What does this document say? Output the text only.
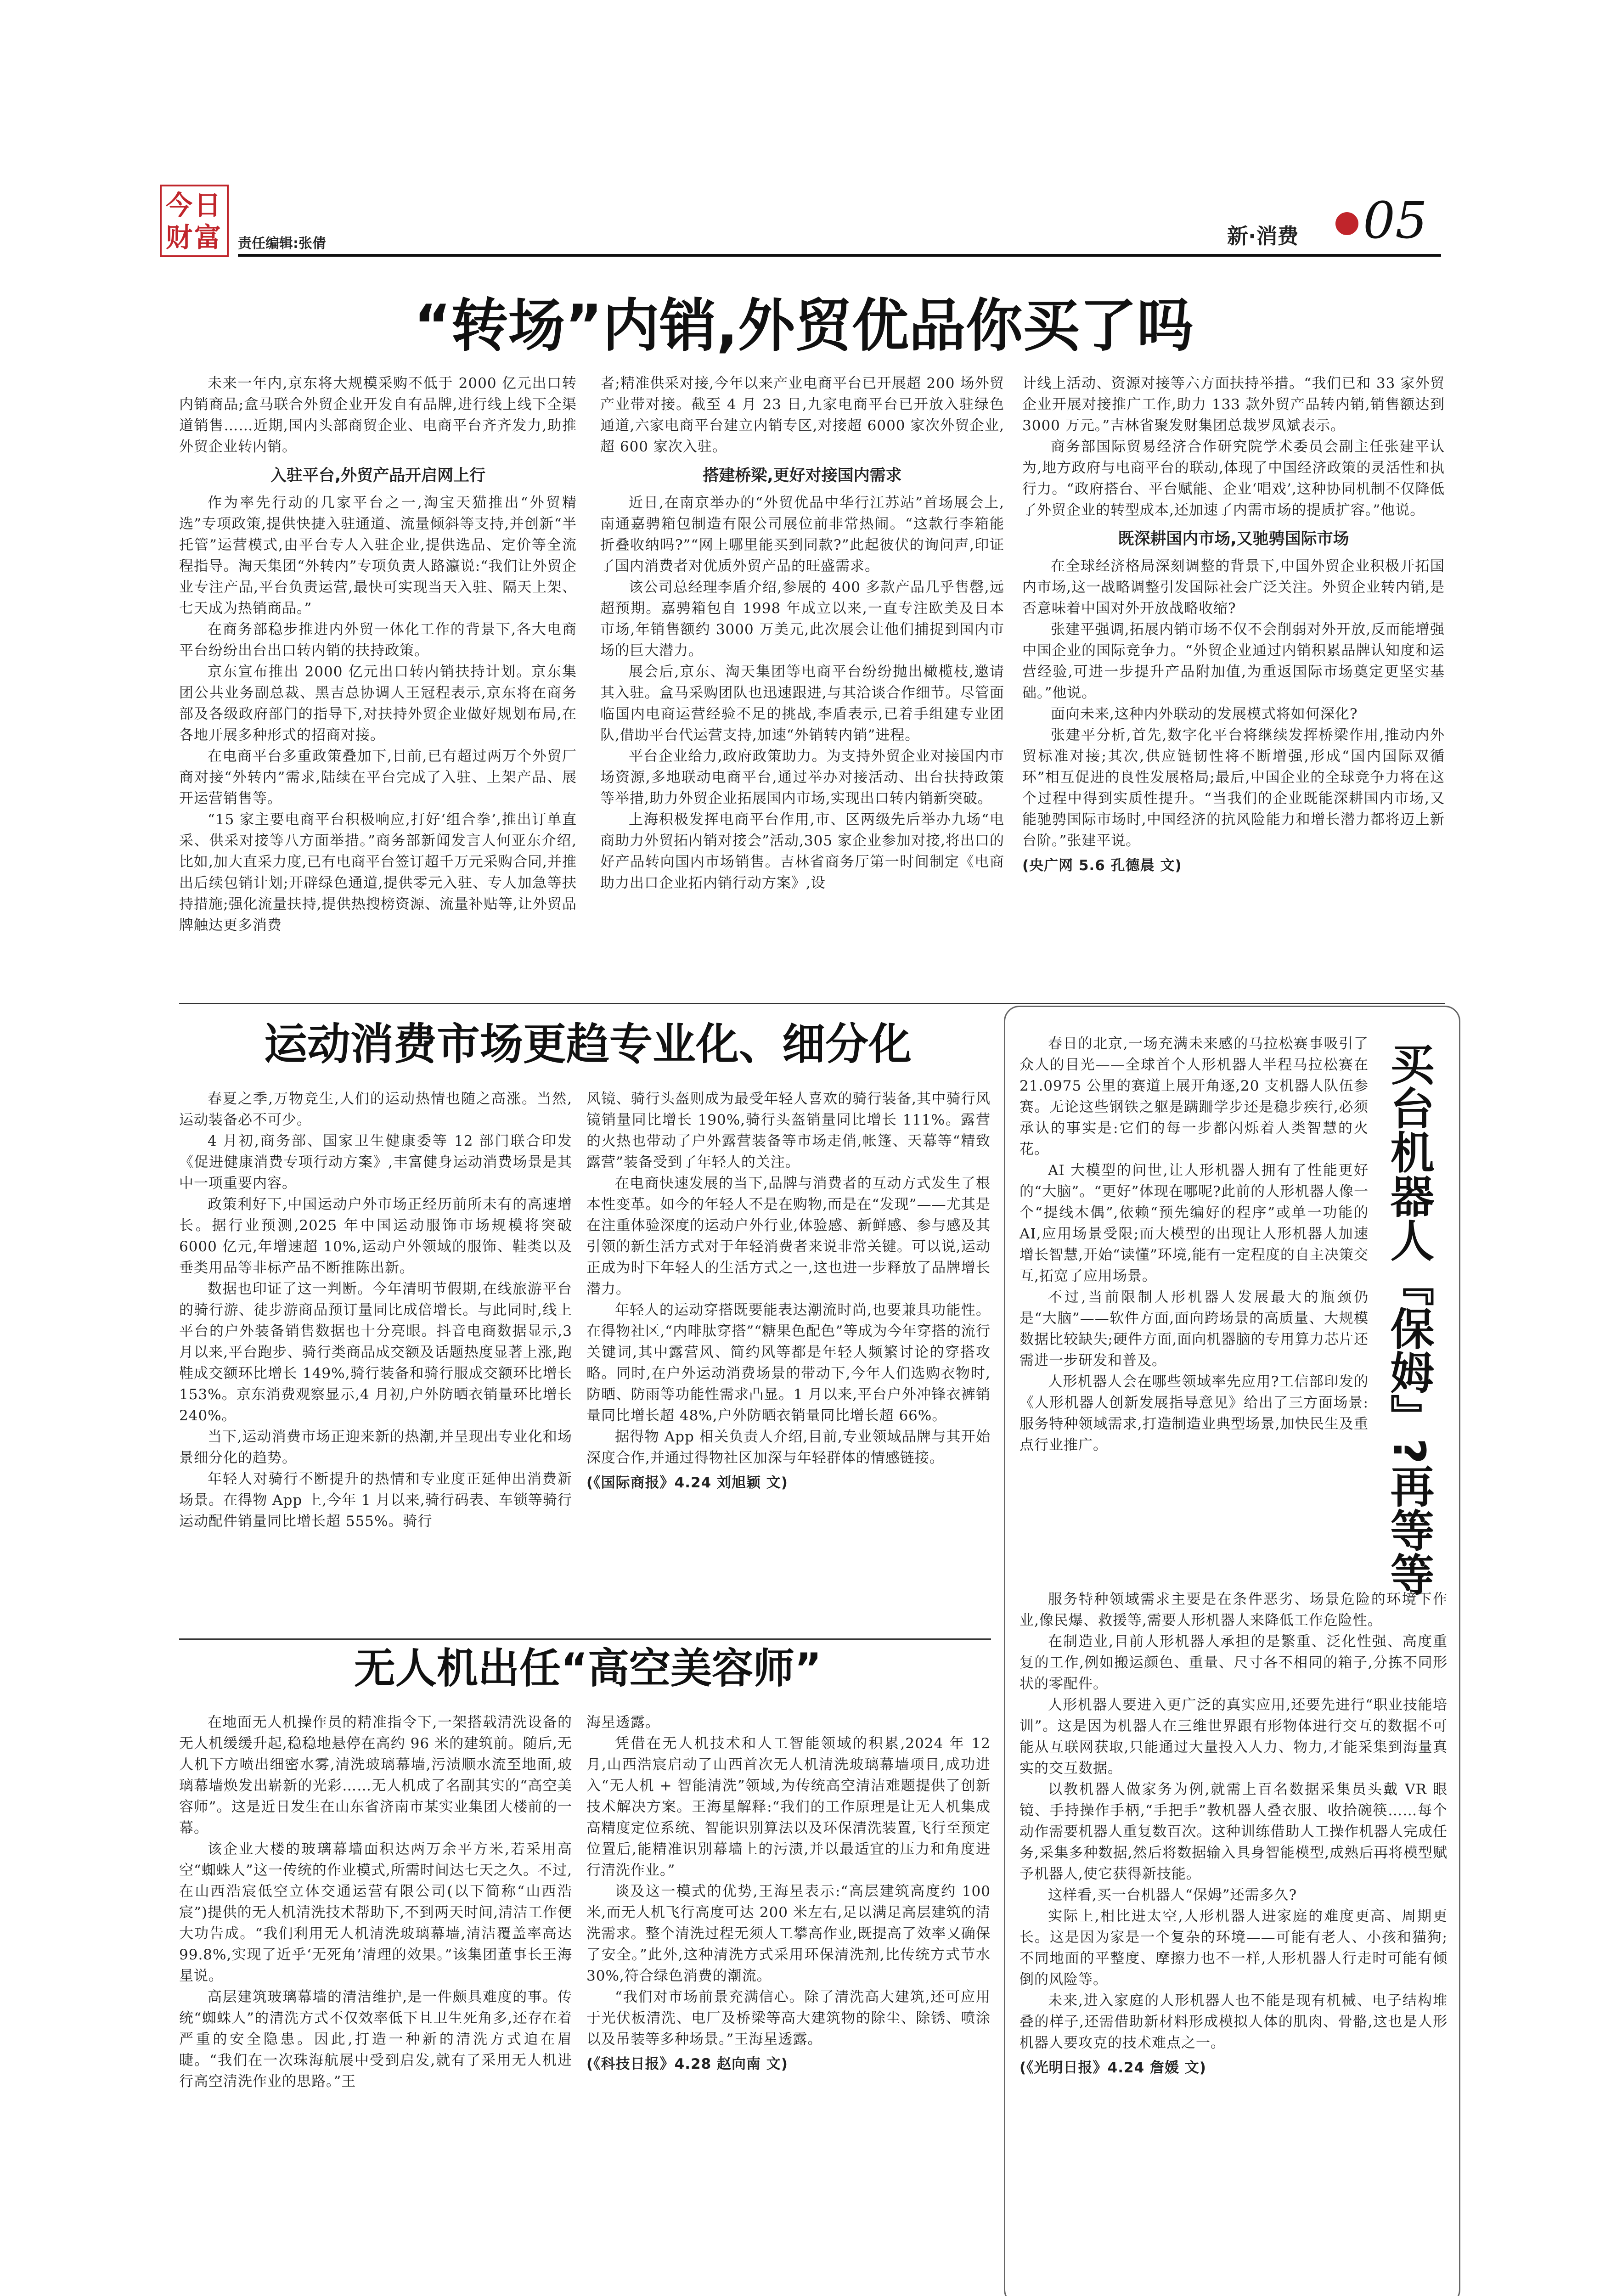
今日财富	责任编辑:张倩	新·消费 05
“转场”内销,外贸优品你买了吗

未来一年内,京东将大规模采购不低于 2000 亿元出口转内销商品;盒马联合外贸企业开发自有品牌,进行线上线下全渠道销售……近期,国内头部商贸企业、电商平台齐齐发力,助推外贸企业转内销。

入驻平台,外贸产品开启网上行

作为率先行动的几家平台之一,淘宝天猫推出“外贸精选”专项政策,提供快捷入驻通道、流量倾斜等支持,并创新“半托管”运营模式,由平台专人入驻企业,提供选品、定价等全流程指导。淘天集团“外转内”专项负责人路瀛说:“我们让外贸企业专注产品,平台负责运营,最快可实现当天入驻、隔天上架、七天成为热销商品。”

在商务部稳步推进内外贸一体化工作的背景下,各大电商平台纷纷出台出口转内销的扶持政策。

京东宣布推出 2000 亿元出口转内销扶持计划。京东集团公共业务副总裁、黑吉总协调人王冠程表示,京东将在商务部及各级政府部门的指导下,对扶持外贸企业做好规划布局,在各地开展多种形式的招商对接。

在电商平台多重政策叠加下,目前,已有超过两万个外贸厂商对接“外转内”需求,陆续在平台完成了入驻、上架产品、展开运营销售等。

“15 家主要电商平台积极响应,打好‘组合拳’,推出订单直采、供采对接等八方面举措。”商务部新闻发言人何亚东介绍,比如,加大直采力度,已有电商平台签订超千万元采购合同,并推出后续包销计划;开辟绿色通道,提供零元入驻、专人加急等扶持措施;强化流量扶持,提供热搜榜资源、流量补贴等,让外贸品牌触达更多消费

者;精准供采对接,今年以来产业电商平台已开展超 200 场外贸产业带对接。截至 4 月 23 日,九家电商平台已开放入驻绿色通道,六家电商平台建立内销专区,对接超 6000 家次外贸企业,超 600 家次入驻。

搭建桥梁,更好对接国内需求

近日,在南京举办的“外贸优品中华行江苏站”首场展会上,南通嘉骋箱包制造有限公司展位前非常热闹。“这款行李箱能折叠收纳吗?”“网上哪里能买到同款?”此起彼伏的询问声,印证了国内消费者对优质外贸产品的旺盛需求。

该公司总经理李盾介绍,参展的 400 多款产品几乎售罄,远超预期。嘉骋箱包自 1998 年成立以来,一直专注欧美及日本市场,年销售额约 3000 万美元,此次展会让他们捕捉到国内市场的巨大潜力。

展会后,京东、淘天集团等电商平台纷纷抛出橄榄枝,邀请其入驻。盒马采购团队也迅速跟进,与其洽谈合作细节。尽管面临国内电商运营经验不足的挑战,李盾表示,已着手组建专业团队,借助平台代运营支持,加速“外销转内销”进程。

平台企业给力,政府政策助力。为支持外贸企业对接国内市场资源,多地联动电商平台,通过举办对接活动、出台扶持政策等举措,助力外贸企业拓展国内市场,实现出口转内销新突破。

上海积极发挥电商平台作用,市、区两级先后举办九场“电商助力外贸拓内销对接会”活动,305 家企业参加对接,将出口的好产品转向国内市场销售。吉林省商务厅第一时间制定《电商助力出口企业拓内销行动方案》,设

计线上活动、资源对接等六方面扶持举措。“我们已和 33 家外贸企业开展对接推广工作,助力 133 款外贸产品转内销,销售额达到 3000 万元。”吉林省聚发财集团总裁罗凤斌表示。

商务部国际贸易经济合作研究院学术委员会副主任张建平认为,地方政府与电商平台的联动,体现了中国经济政策的灵活性和执行力。“政府搭台、平台赋能、企业‘唱戏’,这种协同机制不仅降低了外贸企业的转型成本,还加速了内需市场的提质扩容。”他说。

既深耕国内市场,又驰骋国际市场

在全球经济格局深刻调整的背景下,中国外贸企业积极开拓国内市场,这一战略调整引发国际社会广泛关注。外贸企业转内销,是否意味着中国对外开放战略收缩?

张建平强调,拓展内销市场不仅不会削弱对外开放,反而能增强中国企业的国际竞争力。“外贸企业通过内销积累品牌认知度和运营经验,可进一步提升产品附加值,为重返国际市场奠定更坚实基础。”他说。

面向未来,这种内外联动的发展模式将如何深化?

张建平分析,首先,数字化平台将继续发挥桥梁作用,推动内外贸标准对接;其次,供应链韧性将不断增强,形成“国内国际双循环”相互促进的良性发展格局;最后,中国企业的全球竞争力将在这个过程中得到实质性提升。“当我们的企业既能深耕国内市场,又能驰骋国际市场时,中国经济的抗风险能力和增长潜力都将迈上新台阶。”张建平说。

(央广网 5.6 孔德晨 文)

运动消费市场更趋专业化、细分化

春夏之季,万物竞生,人们的运动热情也随之高涨。当然,运动装备必不可少。

4 月初,商务部、国家卫生健康委等 12 部门联合印发《促进健康消费专项行动方案》,丰富健身运动消费场景是其中一项重要内容。

政策利好下,中国运动户外市场正经历前所未有的高速增长。据行业预测,2025 年中国运动服饰市场规模将突破 6000 亿元,年增速超 10%,运动户外领域的服饰、鞋类以及垂类用品等非标产品不断推陈出新。

数据也印证了这一判断。今年清明节假期,在线旅游平台的骑行游、徒步游商品预订量同比成倍增长。与此同时,线上平台的户外装备销售数据也十分亮眼。抖音电商数据显示,3 月以来,平台跑步、骑行类商品成交额及话题热度显著上涨,跑鞋成交额环比增长 149%,骑行装备和骑行服成交额环比增长 153%。京东消费观察显示,4 月初,户外防晒衣销量环比增长 240%。

当下,运动消费市场正迎来新的热潮,并呈现出专业化和场景细分化的趋势。

年轻人对骑行不断提升的热情和专业度正延伸出消费新场景。在得物 App 上,今年 1 月以来,骑行码表、车锁等骑行运动配件销量同比增长超 555%。骑行

风镜、骑行头盔则成为最受年轻人喜欢的骑行装备,其中骑行风镜销量同比增长 190%,骑行头盔销量同比增长 111%。露营的火热也带动了户外露营装备等市场走俏,帐篷、天幕等“精致露营”装备受到了年轻人的关注。

在电商快速发展的当下,品牌与消费者的互动方式发生了根本性变革。如今的年轻人不是在购物,而是在“发现”——尤其是在注重体验深度的运动户外行业,体验感、新鲜感、参与感及其引领的新生活方式对于年轻消费者来说非常关键。可以说,运动正成为时下年轻人的生活方式之一,这也进一步释放了品牌增长潜力。

年轻人的运动穿搭既要能表达潮流时尚,也要兼具功能性。在得物社区,“内啡肽穿搭”“糖果色配色”等成为今年穿搭的流行关键词,其中露营风、简约风等都是年轻人频繁讨论的穿搭攻略。同时,在户外运动消费场景的带动下,今年人们选购衣物时,防晒、防雨等功能性需求凸显。1 月以来,平台户外冲锋衣裤销量同比增长超 48%,户外防晒衣销量同比增长超 66%。

据得物 App 相关负责人介绍,目前,专业领域品牌与其开始深度合作,并通过得物社区加深与年轻群体的情感链接。

(《国际商报》4.24 刘旭颖 文)

无人机出任“高空美容师”

在地面无人机操作员的精准指令下,一架搭载清洗设备的无人机缓缓升起,稳稳地悬停在高约 96 米的建筑前。随后,无人机下方喷出细密水雾,清洗玻璃幕墙,污渍顺水流至地面,玻璃幕墙焕发出崭新的光彩……无人机成了名副其实的“高空美容师”。这是近日发生在山东省济南市某实业集团大楼前的一幕。

该企业大楼的玻璃幕墙面积达两万余平方米,若采用高空“蜘蛛人”这一传统的作业模式,所需时间达七天之久。不过,在山西浩宸低空立体交通运营有限公司(以下简称“山西浩宸”)提供的无人机清洗技术帮助下,不到两天时间,清洁工作便大功告成。“我们利用无人机清洗玻璃幕墙,清洁覆盖率高达 99.8%,实现了近乎‘无死角’清理的效果。”该集团董事长王海星说。

高层建筑玻璃幕墙的清洁维护,是一件颇具难度的事。传统“蜘蛛人”的清洗方式不仅效率低下且卫生死角多,还存在着严重的安全隐患。因此,打造一种新的清洗方式迫在眉睫。“我们在一次珠海航展中受到启发,就有了采用无人机进行高空清洗作业的思路。”王

海星透露。

凭借在无人机技术和人工智能领域的积累,2024 年 12 月,山西浩宸启动了山西首次无人机清洗玻璃幕墙项目,成功进入“无人机 + 智能清洗”领域,为传统高空清洁难题提供了创新技术解决方案。王海星解释:“我们的工作原理是让无人机集成高精度定位系统、智能识别算法以及环保清洗装置,飞行至预定位置后,能精准识别幕墙上的污渍,并以最适宜的压力和角度进行清洗作业。”

谈及这一模式的优势,王海星表示:“高层建筑高度约 100 米,而无人机飞行高度可达 200 米左右,足以满足高层建筑的清洗需求。整个清洗过程无须人工攀高作业,既提高了效率又确保了安全。”此外,这种清洗方式采用环保清洗剂,比传统方式节水 30%,符合绿色消费的潮流。

“我们对市场前景充满信心。除了清洗高大建筑,还可应用于光伏板清洗、电厂及桥梁等高大建筑物的除尘、除锈、喷涂以及吊装等多种场景。”王海星透露。

(《科技日报》4.28 赵向南 文)

春日的北京,一场充满未来感的马拉松赛事吸引了众人的目光——全球首个人形机器人半程马拉松赛在 21.0975 公里的赛道上展开角逐,20 支机器人队伍参赛。无论这些钢铁之躯是蹒跚学步还是稳步疾行,必须承认的事实是:它们的每一步都闪烁着人类智慧的火花。

AI 大模型的问世,让人形机器人拥有了性能更好的“大脑”。“更好”体现在哪呢?此前的人形机器人像一个“提线木偶”,依赖“预先编好的程序”或单一功能的 AI,应用场景受限;而大模型的出现让人形机器人加速增长智慧,开始“读懂”环境,能有一定程度的自主决策交互,拓宽了应用场景。

不过,当前限制人形机器人发展最大的瓶颈仍是“大脑”——软件方面,面向跨场景的高质量、大规模数据比较缺失;硬件方面,面向机器脑的专用算力芯片还需进一步研发和普及。

人形机器人会在哪些领域率先应用?工信部印发的《人形机器人创新发展指导意见》给出了三方面场景:服务特种领域需求,打造制造业典型场景,加快民生及重点行业推广。	买台机器人『保姆』?再等等

服务特种领域需求主要是在条件恶劣、场景危险的环境下作业,像民爆、救援等,需要人形机器人来降低工作危险性。

在制造业,目前人形机器人承担的是繁重、泛化性强、高度重复的工作,例如搬运颜色、重量、尺寸各不相同的箱子,分拣不同形状的零配件。

人形机器人要进入更广泛的真实应用,还要先进行“职业技能培训”。这是因为机器人在三维世界跟有形物体进行交互的数据不可能从互联网获取,只能通过大量投入人力、物力,才能采集到海量真实的交互数据。

以教机器人做家务为例,就需上百名数据采集员头戴 VR 眼镜、手持操作手柄,“手把手”教机器人叠衣服、收拾碗筷……每个动作需要机器人重复数百次。这种训练借助人工操作机器人完成任务,采集多种数据,然后将数据输入具身智能模型,成熟后再将模型赋予机器人,使它获得新技能。

这样看,买一台机器人“保姆”还需多久?

实际上,相比进太空,人形机器人进家庭的难度更高、周期更长。这是因为家是一个复杂的环境——可能有老人、小孩和猫狗;不同地面的平整度、摩擦力也不一样,人形机器人行走时可能有倾倒的风险等。

未来,进入家庭的人形机器人也不能是现有机械、电子结构堆叠的样子,还需借助新材料形成模拟人体的肌肉、骨骼,这也是人形机器人要攻克的技术难点之一。

(《光明日报》4.24 詹媛 文)
